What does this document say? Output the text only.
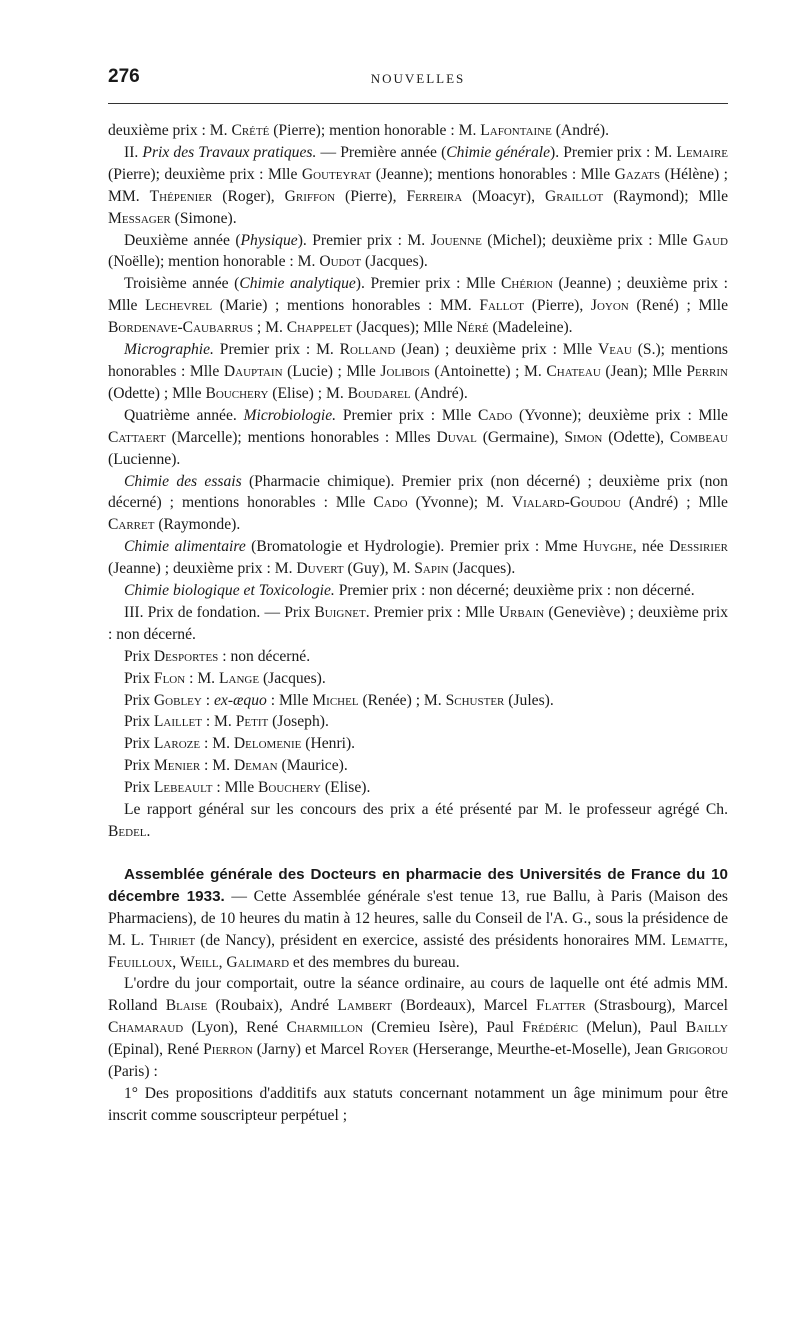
276	NOUVELLES

deuxième prix : M. Crété (Pierre); mention honorable : M. Lafontaine (André).

II. Prix des Travaux pratiques. — Première année (Chimie générale). Premier prix : M. Lemaire (Pierre); deuxième prix : Mlle Gouteyrat (Jeanne); mentions honorables : Mlle Gazats (Hélène) ; MM. Thépenier (Roger), Griffon (Pierre), Ferreira (Moacyr), Graillot (Raymond); Mlle Messager (Simone).

Deuxième année (Physique). Premier prix : M. Jouenne (Michel); deuxième prix : Mlle Gaud (Noëlle); mention honorable : M. Oudot (Jacques).

Troisième année (Chimie analytique). Premier prix : Mlle Chérion (Jeanne) ; deuxième prix : Mlle Lechevrel (Marie) ; mentions honorables : MM. Fallot (Pierre), Joyon (René) ; Mlle Bordenave-Caubarrus ; M. Chappelet (Jacques); Mlle Néré (Madeleine).

Micrographie. Premier prix : M. Rolland (Jean) ; deuxième prix : Mlle Veau (S.); mentions honorables : Mlle Dauptain (Lucie) ; Mlle Jolibois (Antoinette) ; M. Chateau (Jean); Mlle Perrin (Odette) ; Mlle Bouchery (Elise) ; M. Boudarel (André).

Quatrième année. Microbiologie. Premier prix : Mlle Cado (Yvonne); deuxième prix : Mlle Cattaert (Marcelle); mentions honorables : Mlles Duval (Germaine), Simon (Odette), Combeau (Lucienne).

Chimie des essais (Pharmacie chimique). Premier prix (non décerné) ; deuxième prix (non décerné) ; mentions honorables : Mlle Cado (Yvonne); M. Vialard-Goudou (André) ; Mlle Carret (Raymonde).

Chimie alimentaire (Bromatologie et Hydrologie). Premier prix : Mme Huyghe, née Dessirier (Jeanne) ; deuxième prix : M. Duvert (Guy), M. Sapin (Jacques).

Chimie biologique et Toxicologie. Premier prix : non décerné; deuxième prix : non décerné.

III. Prix de fondation. — Prix Buignet. Premier prix : Mlle Urbain (Geneviève) ; deuxième prix : non décerné.

Prix Desportes : non décerné.

Prix Flon : M. Lange (Jacques).

Prix Gobley : ex-æquo : Mlle Michel (Renée) ; M. Schuster (Jules).

Prix Laillet : M. Petit (Joseph).

Prix Laroze : M. Delomenie (Henri).

Prix Menier : M. Deman (Maurice).

Prix Lebeault : Mlle Bouchery (Elise).

Le rapport général sur les concours des prix a été présenté par M. le professeur agrégé Ch. Bedel.

Assemblée générale des Docteurs en pharmacie des Universités de France du 10 décembre 1933. — Cette Assemblée générale s'est tenue 13, rue Ballu, à Paris (Maison des Pharmaciens), de 10 heures du matin à 12 heures, salle du Conseil de l'A. G., sous la présidence de M. L. Thiriet (de Nancy), président en exercice, assisté des présidents honoraires MM. Lematte, Feuilloux, Weill, Galimard et des membres du bureau.

L'ordre du jour comportait, outre la séance ordinaire, au cours de laquelle ont été admis MM. Rolland Blaise (Roubaix), André Lambert (Bordeaux), Marcel Flatter (Strasbourg), Marcel Chamaraud (Lyon), René Charmillon (Cremieu Isère), Paul Frédéric (Melun), Paul Bailly (Epinal), René Pierron (Jarny) et Marcel Royer (Herserange, Meurthe-et-Moselle), Jean Grigorou (Paris) :

1° Des propositions d'additifs aux statuts concernant notamment un âge minimum pour être inscrit comme souscripteur perpétuel ;
